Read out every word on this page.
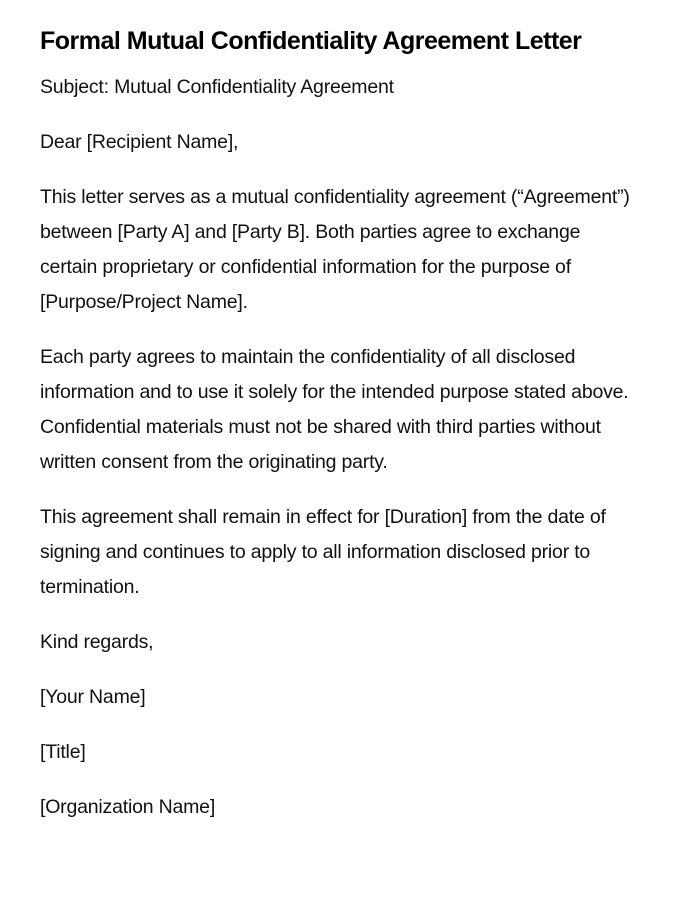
Formal Mutual Confidentiality Agreement Letter

Subject: Mutual Confidentiality Agreement

Dear [Recipient Name],

This letter serves as a mutual confidentiality agreement (“Agreement”) between [Party A] and [Party B]. Both parties agree to exchange certain proprietary or confidential information for the purpose of [Purpose/Project Name].

Each party agrees to maintain the confidentiality of all disclosed information and to use it solely for the intended purpose stated above. Confidential materials must not be shared with third parties without written consent from the originating party.

This agreement shall remain in effect for [Duration] from the date of signing and continues to apply to all information disclosed prior to termination.

Kind regards,

[Your Name]

[Title]

[Organization Name]
